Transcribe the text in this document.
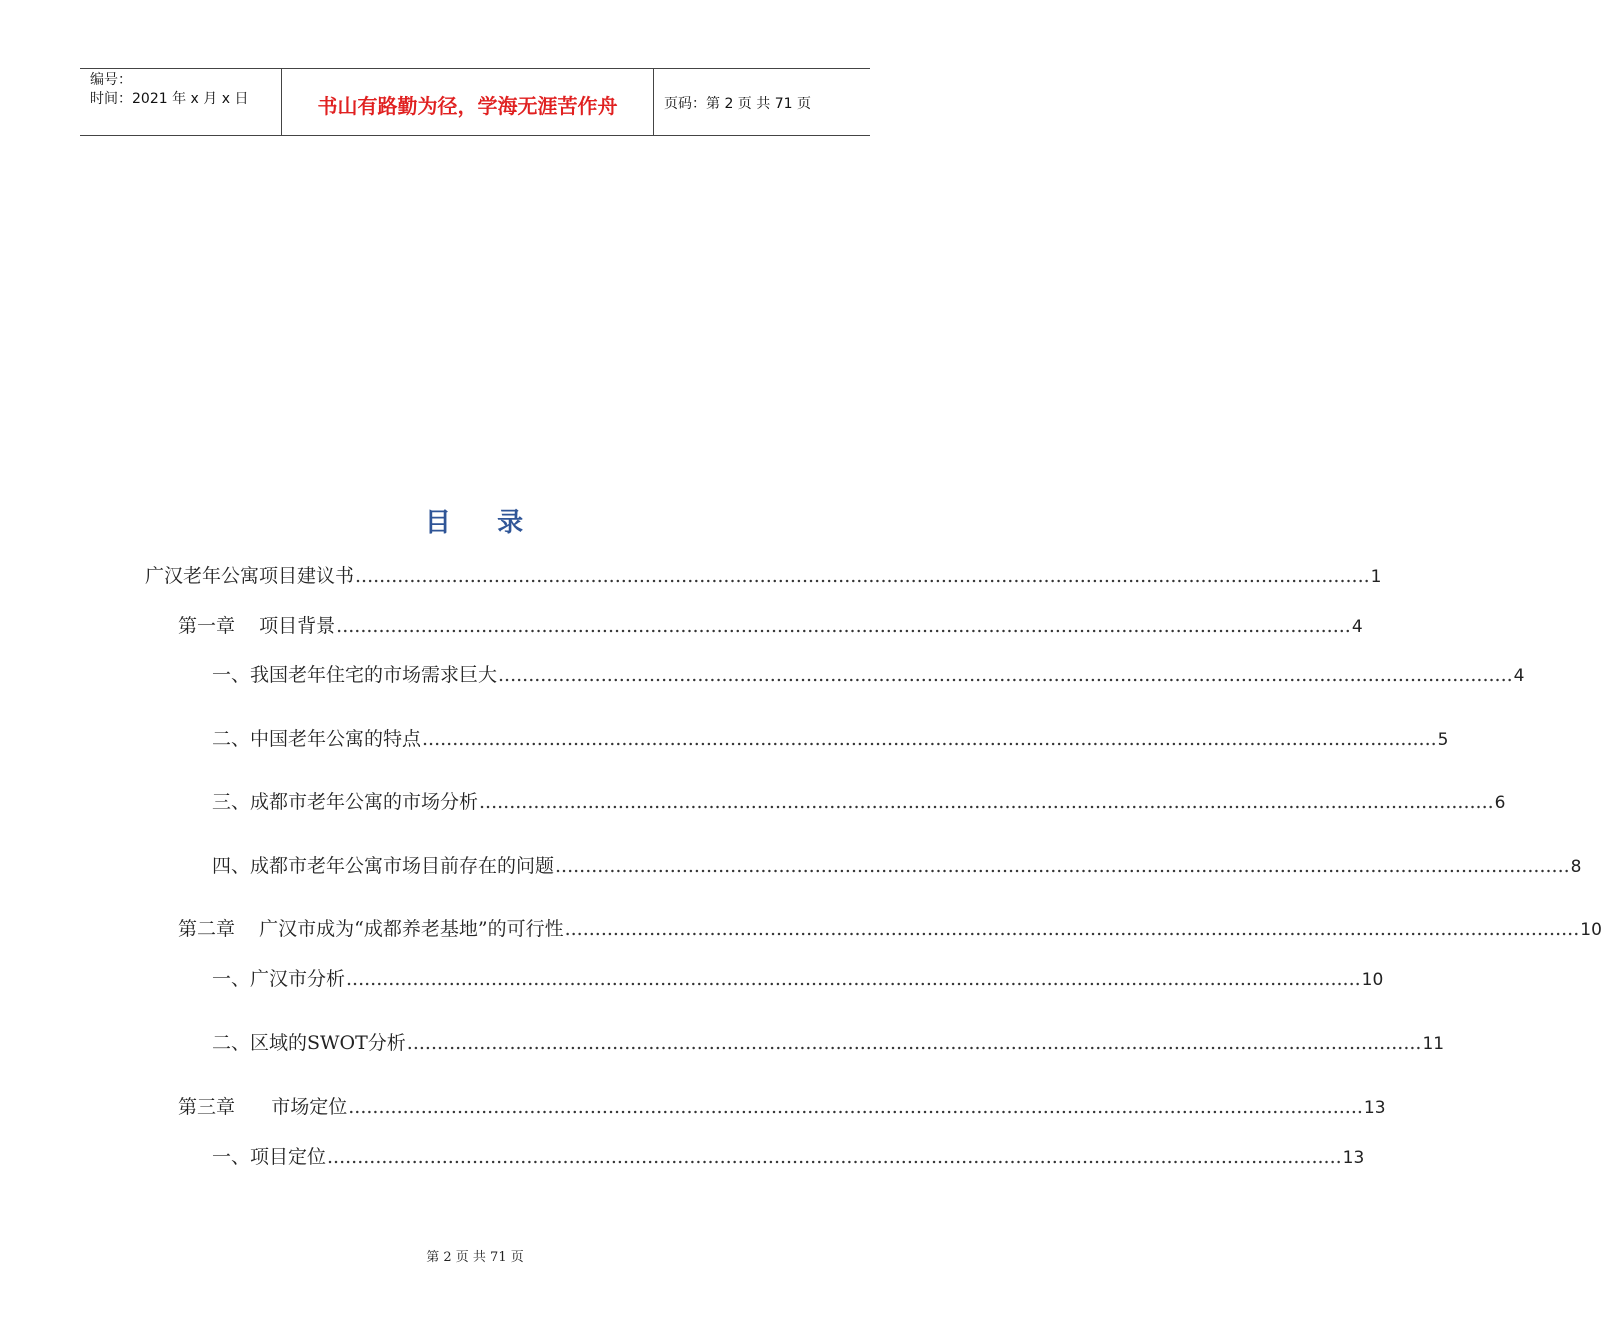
编号：
时间：2021 年 x 月 x 日	书山有路勤为径，学海无涯苦作舟	页码：第 2 页 共 71 页
目 录
广汉老年公寓项目建议书 ........................................................................................................................................................................ 1
第一章    项目背景 ........................................................................................................................................................................ 4
一、我国老年住宅的市场需求巨大 ........................................................................................................................................................................ 4
二、中国老年公寓的特点 ........................................................................................................................................................................ 5
三、成都市老年公寓的市场分析 ........................................................................................................................................................................ 6
四、成都市老年公寓市场目前存在的问题 ........................................................................................................................................................................ 8
第二章    广汉市成为“成都养老基地”的可行性 ........................................................................................................................................................................ 10
一、广汉市分析 ........................................................................................................................................................................ 10
二、区域的SWOT分析 ........................................................................................................................................................................ 11
第三章      市场定位 ........................................................................................................................................................................ 13
一、项目定位 ........................................................................................................................................................................ 13
第 2 页 共 71 页
